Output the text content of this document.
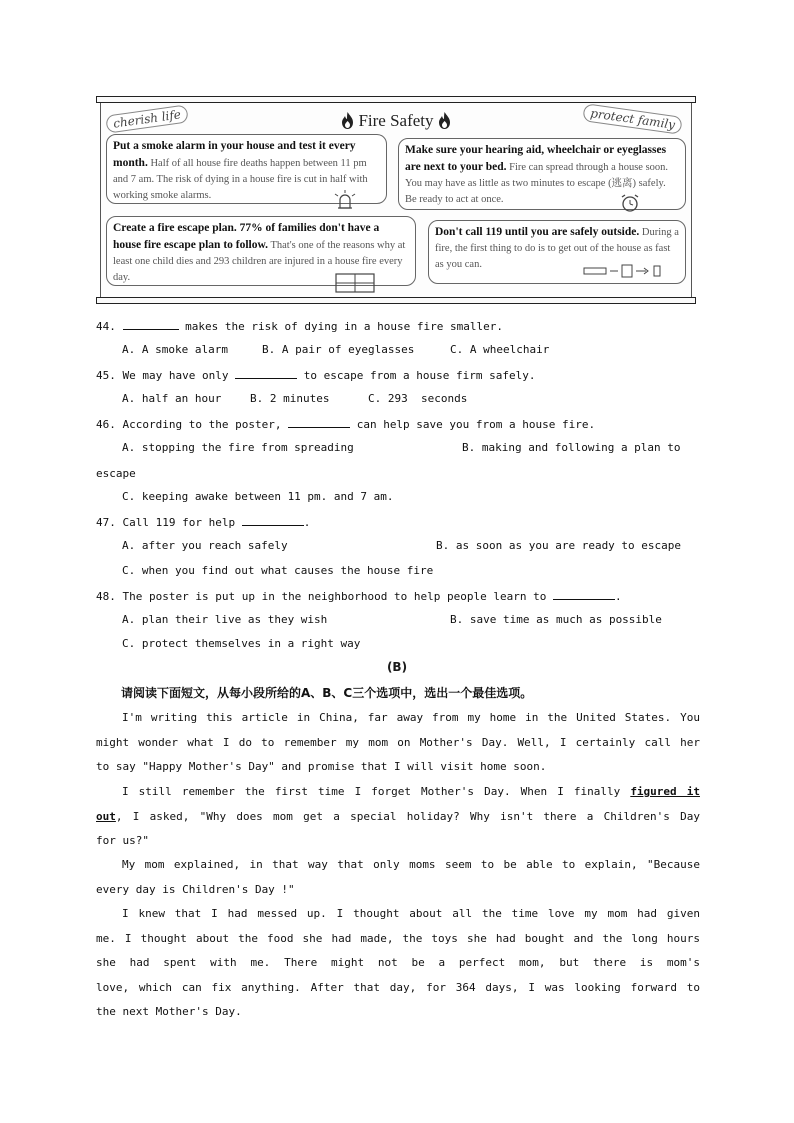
cherish life	protect family
Fire Safety
Put a smoke alarm in your house and test it every month. Half of all house fire deaths happen between 11 pm and 7 am. The risk of dying in a house fire is cut in half with working smoke alarms.
Make sure your hearing aid, wheelchair or eyeglasses are next to your bed. Fire can spread through a house soon. You may have as little as two minutes to escape (逃离) safely. Be ready to act at once.
Create a fire escape plan. 77% of families don't have a house fire escape plan to follow. That's one of the reasons why at least one child dies and 293 children are injured in a house fire every day.
Don't call 119 until you are safely outside. During a fire, the first thing to do is to get out of the house as fast as you can.
44.	makes the risk of dying in a house fire smaller.
A. A smoke alarm	B. A pair of eyeglasses	C. A wheelchair
45. We may have only	to escape from a house firm safely.
A. half an hour	B. 2 minutes	C. 293  seconds
46. According to the poster,	can help save you from a house fire.
A. stopping the fire from spreading	B. making and following a plan to
escape
C. keeping awake between 11 pm. and 7 am.
47. Call 119 for help	.
A. after you reach safely	B. as soon as you are ready to escape
C. when you find out what causes the house fire
48. The poster is put up in the neighborhood to help people learn to	.
A. plan their live as they wish	B. save time as much as possible
C. protect themselves in a right way
(B)
请阅读下面短文，从每小段所给的A、B、C三个选项中，选出一个最佳选项。
I'm writing this article in China, far away from my home in the United States. You
might wonder what I do to remember my mom on Mother's Day. Well, I certainly call her
to say "Happy Mother's Day" and promise that I will visit home soon.
I still remember the first time I forget Mother's Day. When I finally figured it
out, I asked, "Why does mom get a special holiday? Why isn't there a Children's Day
for us?"
My mom explained, in that way that only moms seem to be able to explain, "Because
every day is Children's Day !"
I knew that I had messed up. I thought about all the time love my mom had given
me. I thought about the food she had made, the toys she had bought and the long hours
she had spent with me. There might not be a perfect mom, but there is mom's
love, which can fix anything. After that day, for 364 days, I was looking forward to
the next Mother's Day.
